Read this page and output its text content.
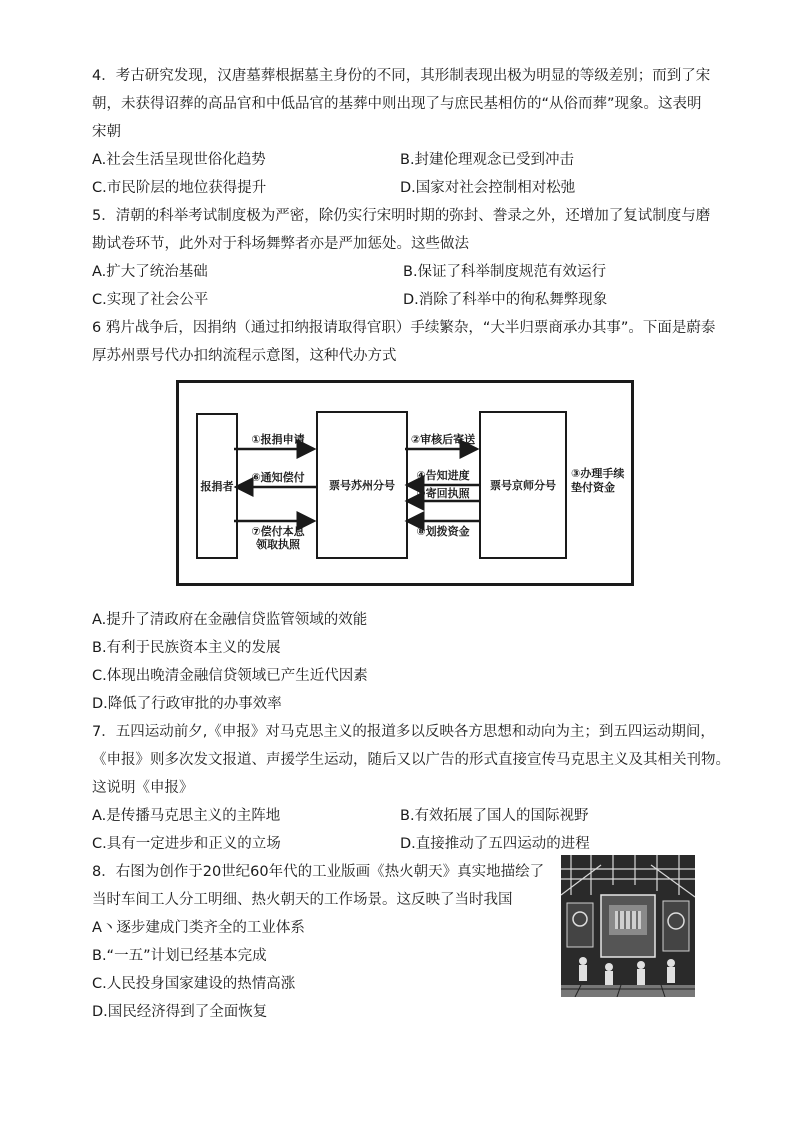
4．考古研究发现，汉唐墓葬根据墓主身份的不同，其形制表现出极为明显的等级差别；而到了宋
朝，未获得诏葬的高品官和中低品官的基葬中则出现了与庶民基相仿的“从俗而葬”现象。这表明
宋朝
A.社会生活呈现世俗化趋势	B.封建伦理观念已受到冲击
C.市民阶层的地位获得提升	D.国家对社会控制相对松弛
5．清朝的科举考试制度极为严密，除仍实行宋明时期的弥封、誊录之外，还增加了复试制度与磨
勘试卷环节，此外对于科场舞弊者亦是严加惩处。这些做法
A.扩大了统治基础	B.保证了科举制度规范有效运行
C.实现了社会公平	D.消除了科举中的徇私舞弊现象
6 鸦片战争后，因捐纳（通过扣纳报请取得官职）手续繁杂，“大半归票商承办其事”。下面是蔚泰
厚苏州票号代办扣纳流程示意图，这种代办方式
报捐者	票号苏州分号	票号京师分号
①报捐申请
⑥通知偿付
⑦偿付本息
领取执照
②审核后寄送
④告知进度
⑤寄回执照
⑧划拨资金
③办理手续
垫付资金
A.提升了清政府在金融信贷监管领域的效能
B.有利于民族资本主义的发展
C.体现出晚清金融信贷领域已产生近代因素
D.降低了行政审批的办事效率
7．五四运动前夕,《申报》对马克思主义的报道多以反映各方思想和动向为主；到五四运动期间，
《申报》则多次发文报道、声援学生运动，随后又以广告的形式直接宣传马克思主义及其相关刊物。
这说明《申报》
A.是传播马克思主义的主阵地	B.有效拓展了国人的国际视野
C.具有一定进步和正义的立场	D.直接推动了五四运动的进程
8．右图为创作于20世纪60年代的工业版画《热火朝天》真实地描绘了
当时车间工人分工明细、热火朝天的工作场景。这反映了当时我国
A丶逐步建成门类齐全的工业体系
B.“一五”计划已经基本完成
C.人民投身国家建设的热情高涨
D.国民经济得到了全面恢复
